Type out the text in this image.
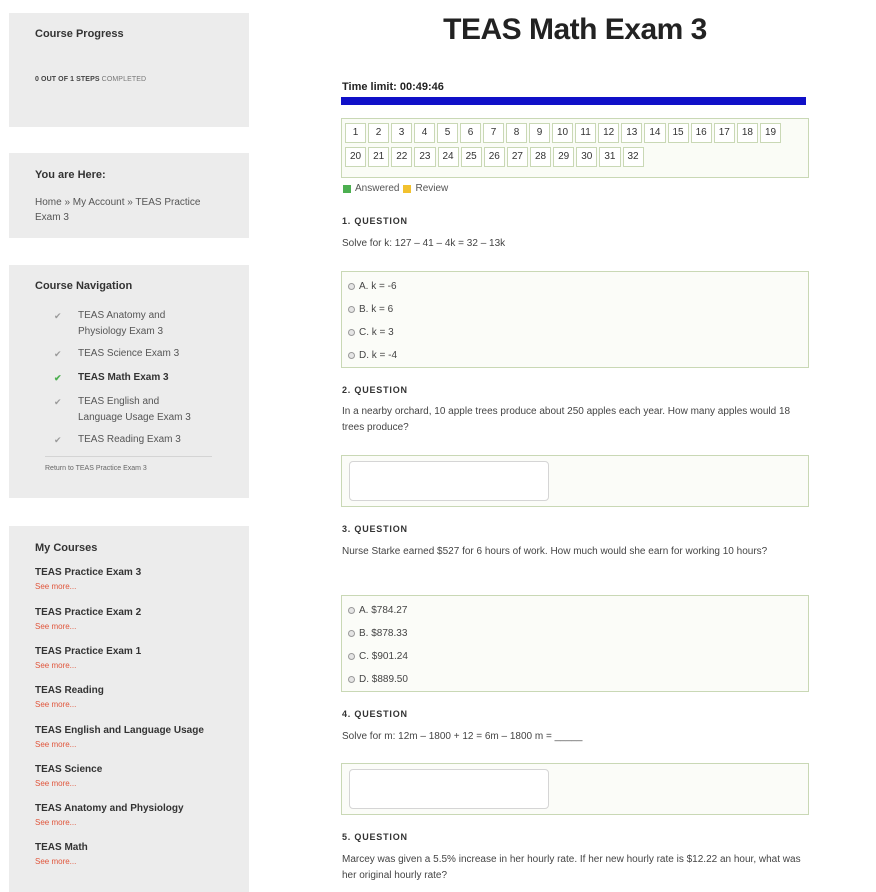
Course Progress
0 OUT OF 1 STEPS COMPLETED
You are Here:
Home » My Account » TEAS Practice Exam 3
Course Navigation
✔ TEAS Anatomy and Physiology Exam 3
✔ TEAS Science Exam 3
✔ TEAS Math Exam 3
✔ TEAS English and Language Usage Exam 3
✔ TEAS Reading Exam 3
Return to TEAS Practice Exam 3
My Courses
TEAS Practice Exam 3
See more...
TEAS Practice Exam 2
See more...
TEAS Practice Exam 1
See more...
TEAS Reading
See more...
TEAS English and Language Usage
See more...
TEAS Science
See more...
TEAS Anatomy and Physiology
See more...
TEAS Math
See more...
TEAS Math Exam 3
Time limit: 00:49:46
1	2	3	4	5	6	7	8	9	10	11	12	13	14	15	16	17	18	19
20	21	22	23	24	25	26	27	28	29	30	31	32
Answered Review
1. QUESTION
Solve for k: 127 – 41 – 4k = 32 – 13k
A. k = -6
B. k = 6
C. k = 3
D. k = -4
2. QUESTION
In a nearby orchard, 10 apple trees produce about 250 apples each year. How many apples would 18 trees produce?
3. QUESTION
Nurse Starke earned $527 for 6 hours of work. How much would she earn for working 10 hours?
A. $784.27
B. $878.33
C. $901.24
D. $889.50
4. QUESTION
Solve for m: 12m – 1800 + 12 = 6m – 1800 m = _____
5. QUESTION
Marcey was given a 5.5% increase in her hourly rate. If her new hourly rate is $12.22 an hour, what was her original hourly rate?
